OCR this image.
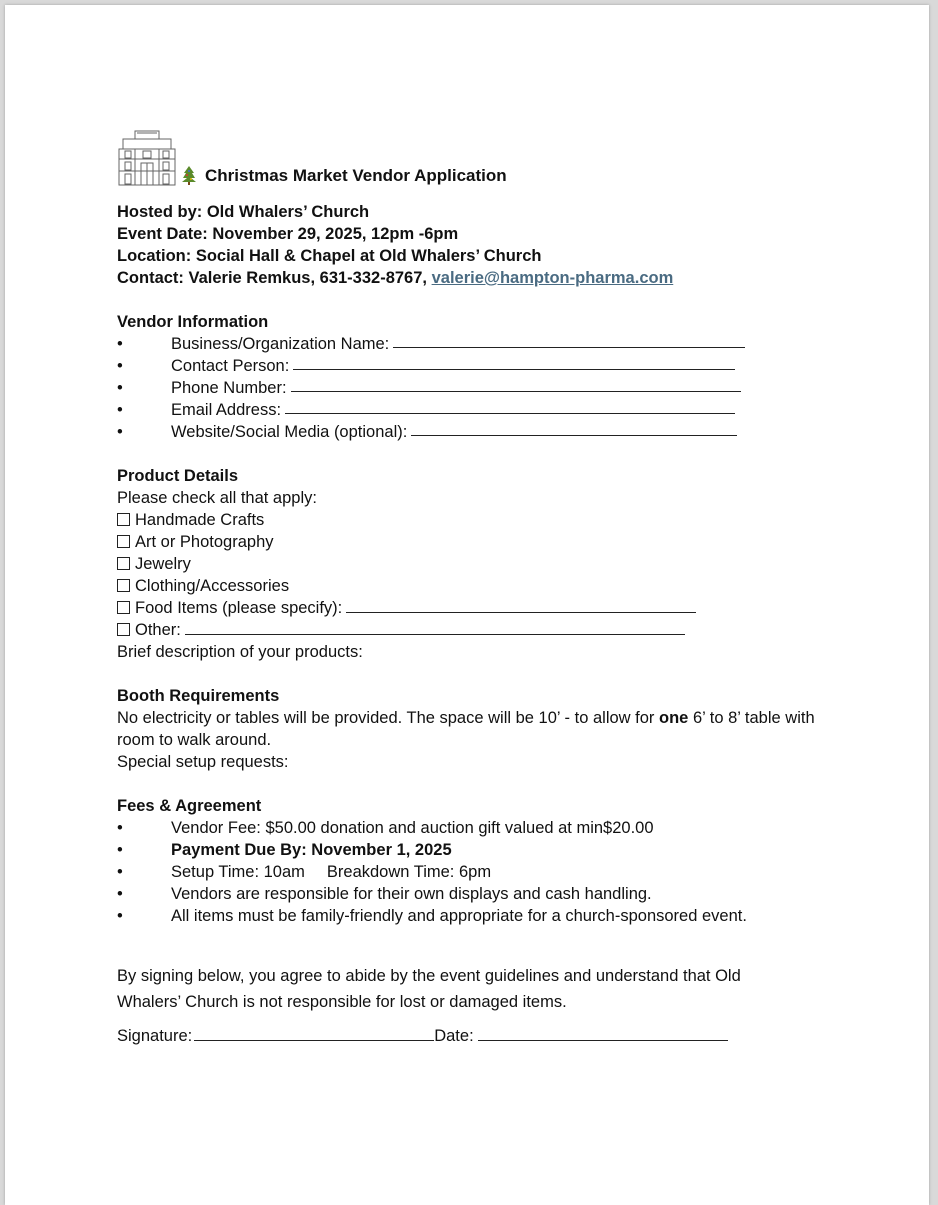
Christmas Market Vendor Application
Hosted by: Old Whalers’ Church
Event Date: November 29, 2025, 12pm -6pm
Location: Social Hall & Chapel at Old Whalers’ Church
Contact: Valerie Remkus, 631-332-8767, valerie@hampton-pharma.com
Vendor Information
•	Business/Organization Name:
•	Contact Person:
•	Phone Number:
•	Email Address:
•	Website/Social Media (optional):
Product Details
Please check all that apply:
Handmade Crafts
Art or Photography
Jewelry
Clothing/Accessories
Food Items (please specify):
Other:
Brief description of your products:
Booth Requirements
No electricity or tables will be provided. The space will be 10’ - to allow for one 6’ to 8’ table with room to walk around.
Special setup requests:
Fees & Agreement
•	Vendor Fee: $50.00 donation and auction gift valued at min$20.00
•	Payment Due By: November 1, 2025
•	Setup Time: 10am Breakdown Time: 6pm
•	Vendors are responsible for their own displays and cash handling.
•	All items must be family-friendly and appropriate for a church-sponsored event.
By signing below, you agree to abide by the event guidelines and understand that Old Whalers’ Church is not responsible for lost or damaged items.
Signature:	Date:
